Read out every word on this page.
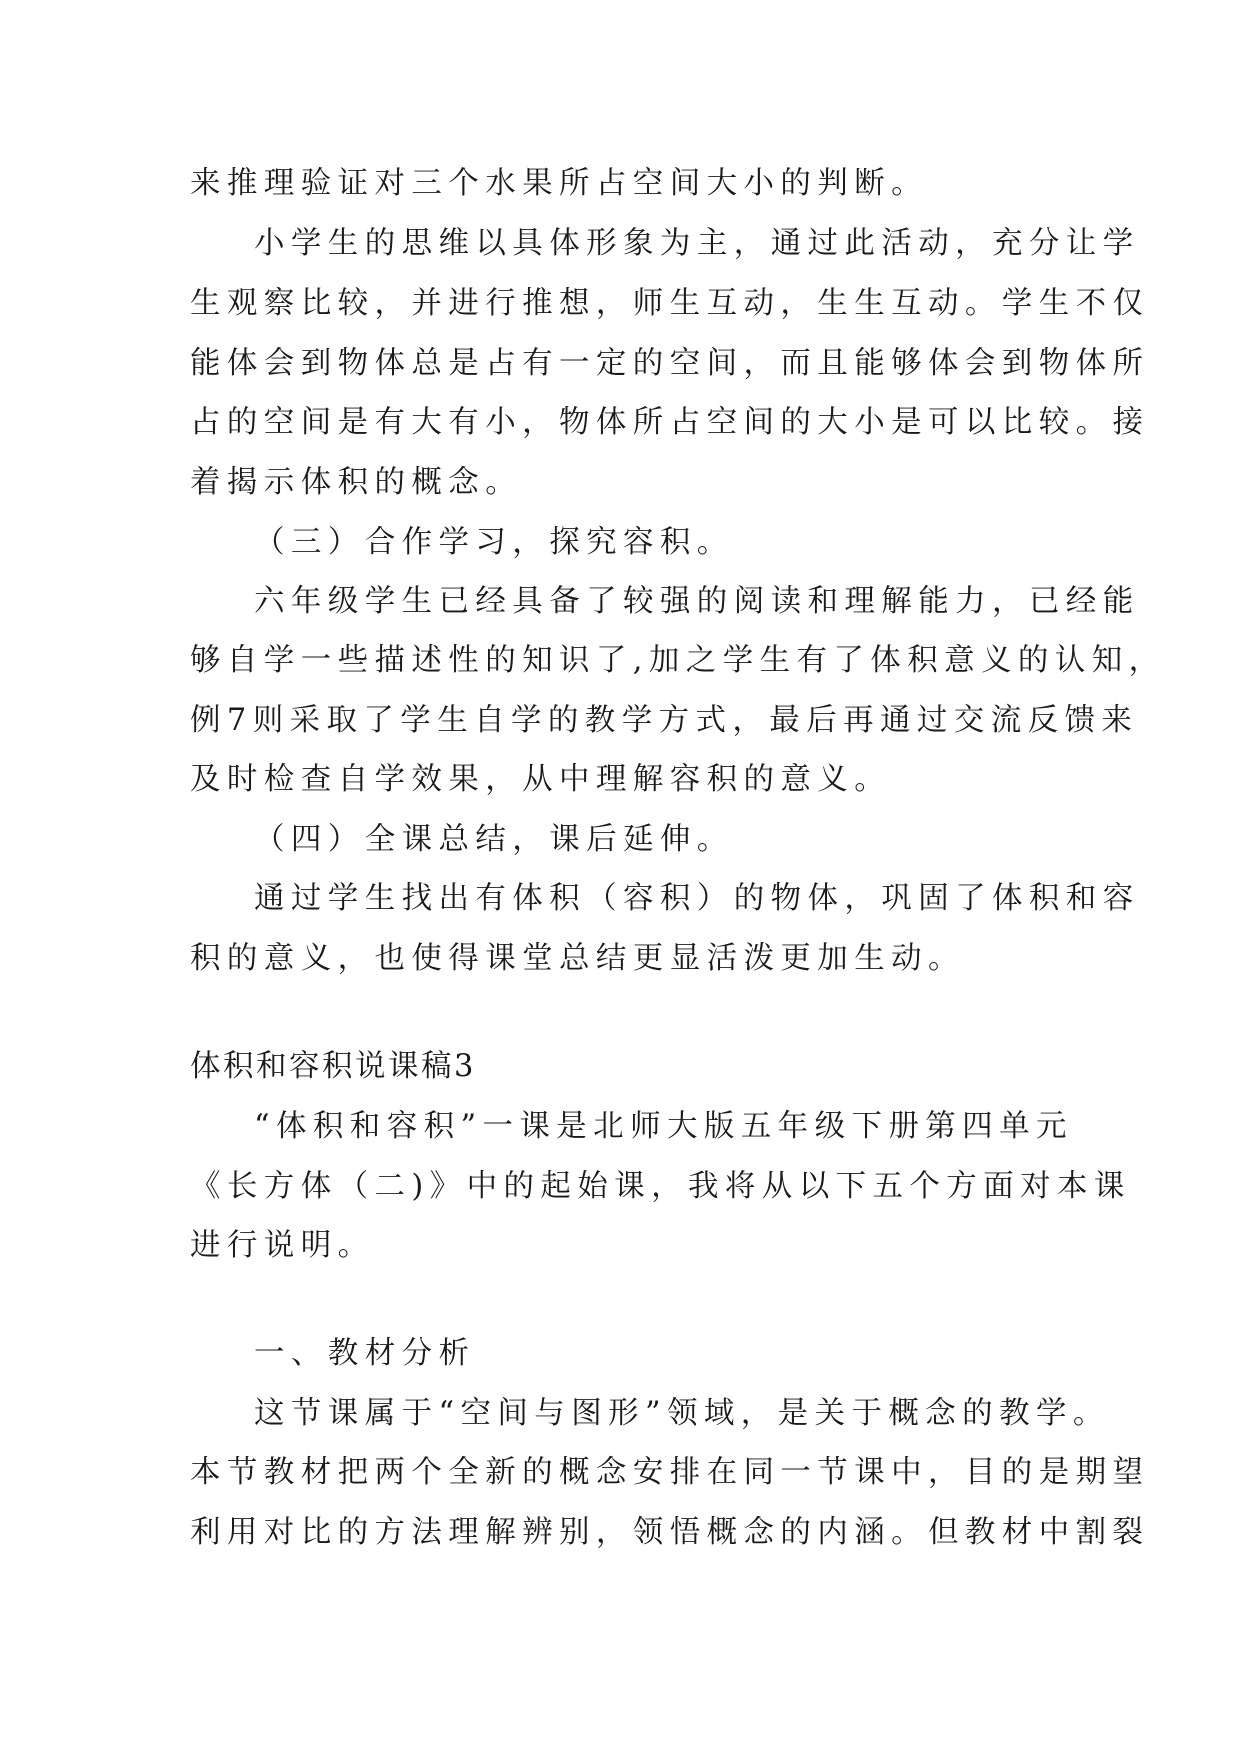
来推理验证对三个水果所占空间大小的判断。
小学生的思维以具体形象为主，通过此活动，充分让学
生观察比较，并进行推想，师生互动，生生互动。学生不仅
能体会到物体总是占有一定的空间，而且能够体会到物体所
占的空间是有大有小，物体所占空间的大小是可以比较。接
着揭示体积的概念。
（三）合作学习，探究容积。
六年级学生已经具备了较强的阅读和理解能力，已经能
够自学一些描述性的知识了,加之学生有了体积意义的认知，
例7则采取了学生自学的教学方式，最后再通过交流反馈来
及时检查自学效果，从中理解容积的意义。
（四）全课总结，课后延伸。
通过学生找出有体积（容积）的物体，巩固了体积和容
积的意义，也使得课堂总结更显活泼更加生动。
体积和容积说课稿3
“体积和容积”一课是北师大版五年级下册第四单元
《长方体（二)》中的起始课，我将从以下五个方面对本课
进行说明。
一、教材分析
这节课属于“空间与图形”领域，是关于概念的教学。
本节教材把两个全新的概念安排在同一节课中，目的是期望
利用对比的方法理解辨别，领悟概念的内涵。但教材中割裂
